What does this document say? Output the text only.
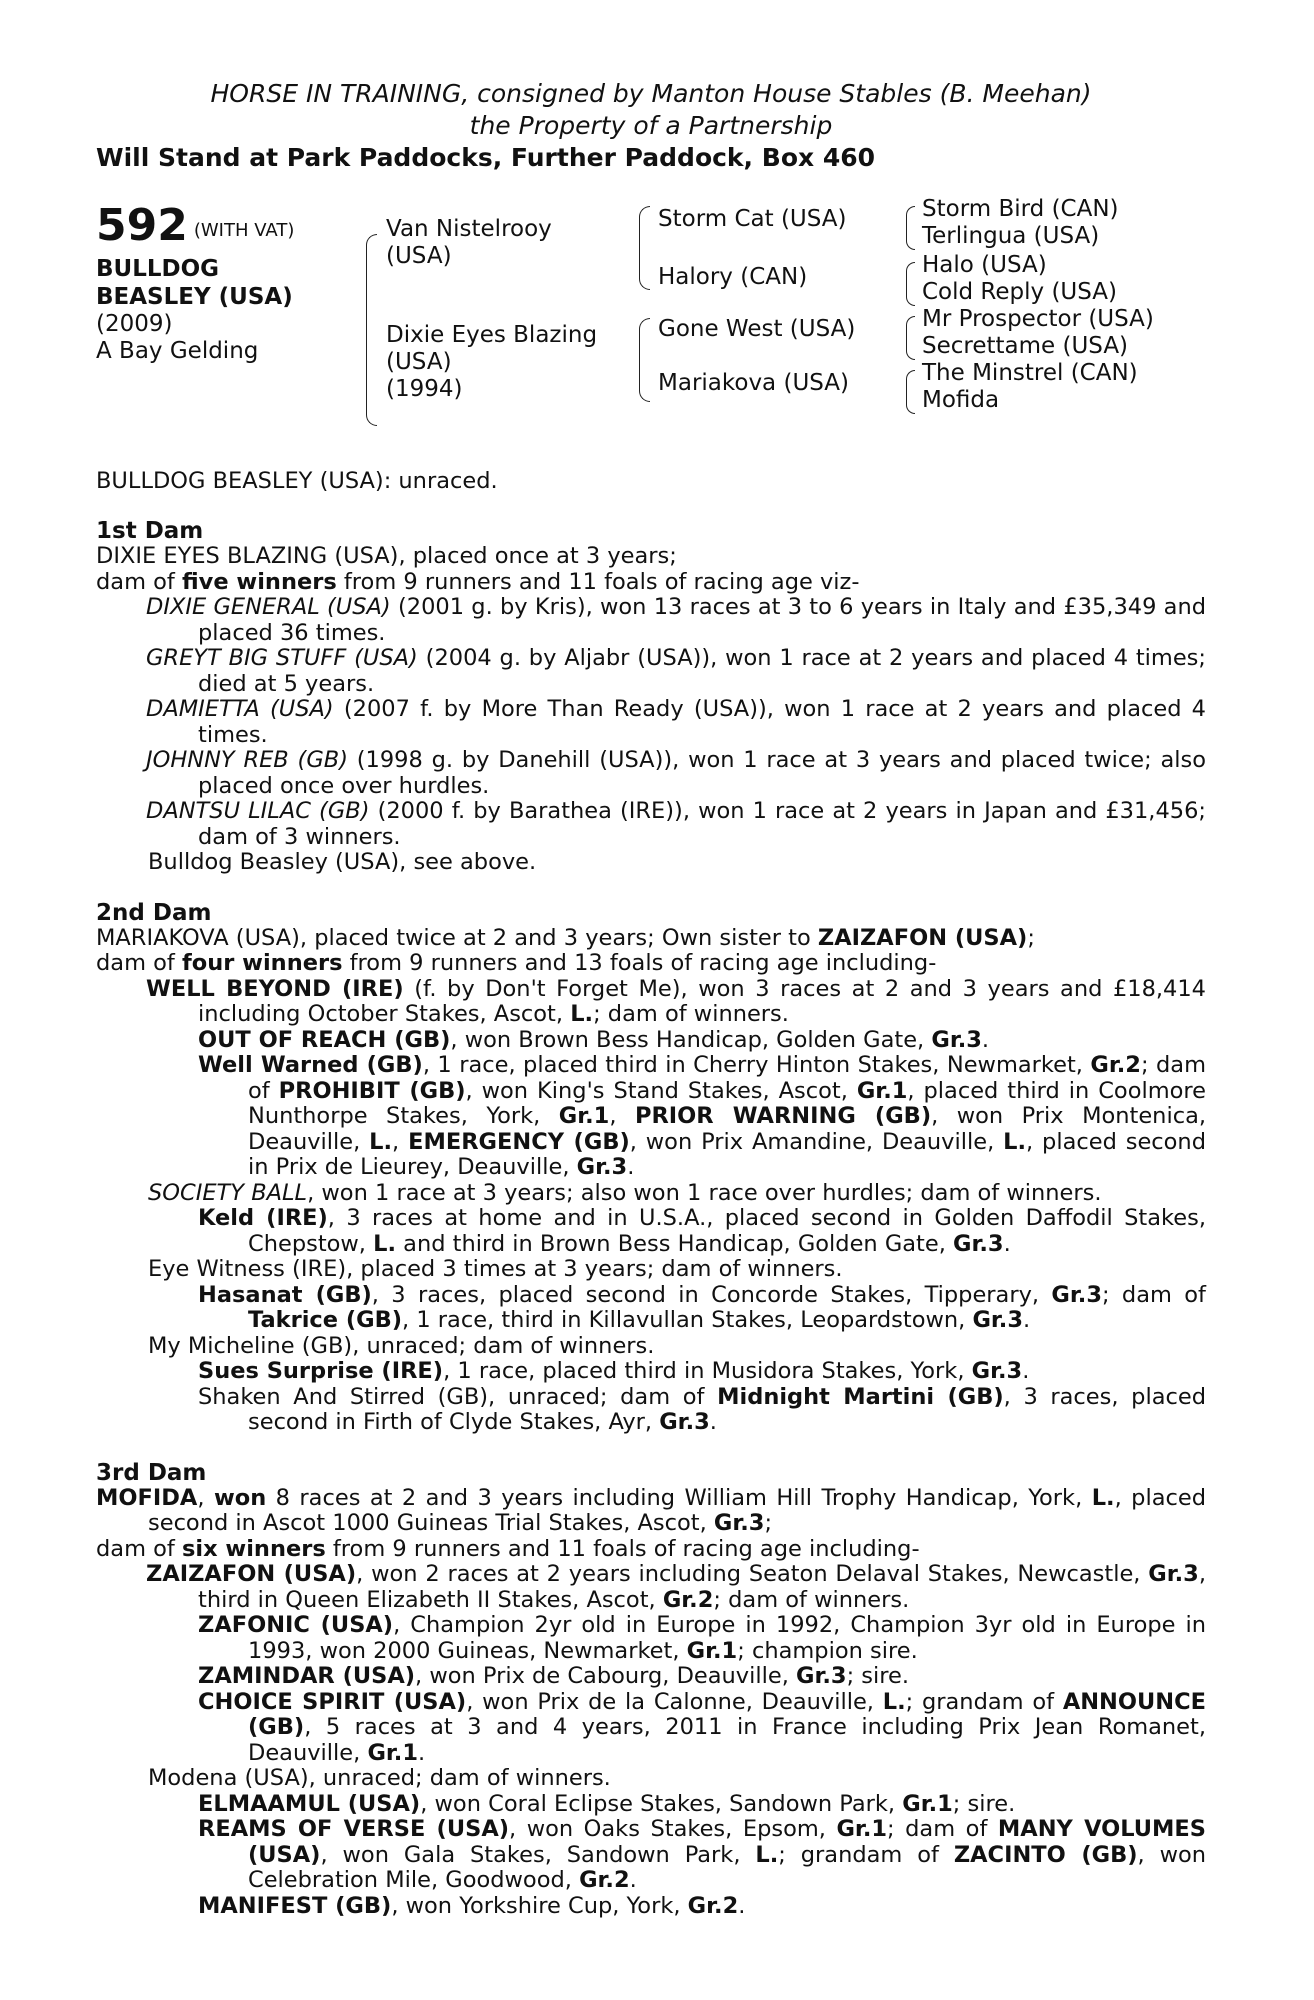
HORSE IN TRAINING, consigned by Manton House Stables (B. Meehan)
the Property of a Partnership
Will Stand at Park Paddocks, Further Paddock, Box 460
592 (WITH VAT)
BULLDOG
BEASLEY (USA)
(2009)
A Bay Gelding
Van Nistelrooy
(USA)
Dixie Eyes Blazing
(USA)
(1994)
Storm Cat (USA)
Halory (CAN)
Gone West (USA)
Mariakova (USA)
Storm Bird (CAN)
Terlingua (USA)
Halo (USA)
Cold Reply (USA)
Mr Prospector (USA)
Secrettame (USA)
The Minstrel (CAN)
Mofida
BULLDOG BEASLEY (USA): unraced.
1st Dam

DIXIE EYES BLAZING (USA), placed once at 3 years;

dam of five winners from 9 runners and 11 foals of racing age viz-

DIXIE GENERAL (USA) (2001 g. by Kris), won 13 races at 3 to 6 years in Italy and £35,349 and placed 36 times.

GREYT BIG STUFF (USA) (2004 g. by Aljabr (USA)), won 1 race at 2 years and placed 4 times; died at 5 years.

DAMIETTA (USA) (2007 f. by More Than Ready (USA)), won 1 race at 2 years and placed 4 times.

JOHNNY REB (GB) (1998 g. by Danehill (USA)), won 1 race at 3 years and placed twice; also placed once over hurdles.

DANTSU LILAC (GB) (2000 f. by Barathea (IRE)), won 1 race at 2 years in Japan and £31,456; dam of 3 winners.

Bulldog Beasley (USA), see above.

2nd Dam

MARIAKOVA (USA), placed twice at 2 and 3 years; Own sister to ZAIZAFON (USA);

dam of four winners from 9 runners and 13 foals of racing age including-

WELL BEYOND (IRE) (f. by Don't Forget Me), won 3 races at 2 and 3 years and £18,414 including October Stakes, Ascot, L.; dam of winners.

OUT OF REACH (GB), won Brown Bess Handicap, Golden Gate, Gr.3.

Well Warned (GB), 1 race, placed third in Cherry Hinton Stakes, Newmarket, Gr.2; dam of PROHIBIT (GB), won King's Stand Stakes, Ascot, Gr.1, placed third in Coolmore Nunthorpe Stakes, York, Gr.1, PRIOR WARNING (GB), won Prix Montenica, Deauville, L., EMERGENCY (GB), won Prix Amandine, Deauville, L., placed second in Prix de Lieurey, Deauville, Gr.3.

SOCIETY BALL, won 1 race at 3 years; also won 1 race over hurdles; dam of winners.

Keld (IRE), 3 races at home and in U.S.A., placed second in Golden Daffodil Stakes, Chepstow, L. and third in Brown Bess Handicap, Golden Gate, Gr.3.

Eye Witness (IRE), placed 3 times at 3 years; dam of winners.

Hasanat (GB), 3 races, placed second in Concorde Stakes, Tipperary, Gr.3; dam of Takrice (GB), 1 race, third in Killavullan Stakes, Leopardstown, Gr.3.

My Micheline (GB), unraced; dam of winners.

Sues Surprise (IRE), 1 race, placed third in Musidora Stakes, York, Gr.3.

Shaken And Stirred (GB), unraced; dam of Midnight Martini (GB), 3 races, placed second in Firth of Clyde Stakes, Ayr, Gr.3.

3rd Dam

MOFIDA, won 8 races at 2 and 3 years including William Hill Trophy Handicap, York, L., placed second in Ascot 1000 Guineas Trial Stakes, Ascot, Gr.3;

dam of six winners from 9 runners and 11 foals of racing age including-

ZAIZAFON (USA), won 2 races at 2 years including Seaton Delaval Stakes, Newcastle, Gr.3, third in Queen Elizabeth II Stakes, Ascot, Gr.2; dam of winners.

ZAFONIC (USA), Champion 2yr old in Europe in 1992, Champion 3yr old in Europe in 1993, won 2000 Guineas, Newmarket, Gr.1; champion sire.

ZAMINDAR (USA), won Prix de Cabourg, Deauville, Gr.3; sire.

CHOICE SPIRIT (USA), won Prix de la Calonne, Deauville, L.; grandam of ANNOUNCE (GB), 5 races at 3 and 4 years, 2011 in France including Prix Jean Romanet, Deauville, Gr.1.

Modena (USA), unraced; dam of winners.

ELMAAMUL (USA), won Coral Eclipse Stakes, Sandown Park, Gr.1; sire.

REAMS OF VERSE (USA), won Oaks Stakes, Epsom, Gr.1; dam of MANY VOLUMES (USA), won Gala Stakes, Sandown Park, L.; grandam of ZACINTO (GB), won Celebration Mile, Goodwood, Gr.2.

MANIFEST (GB), won Yorkshire Cup, York, Gr.2.
